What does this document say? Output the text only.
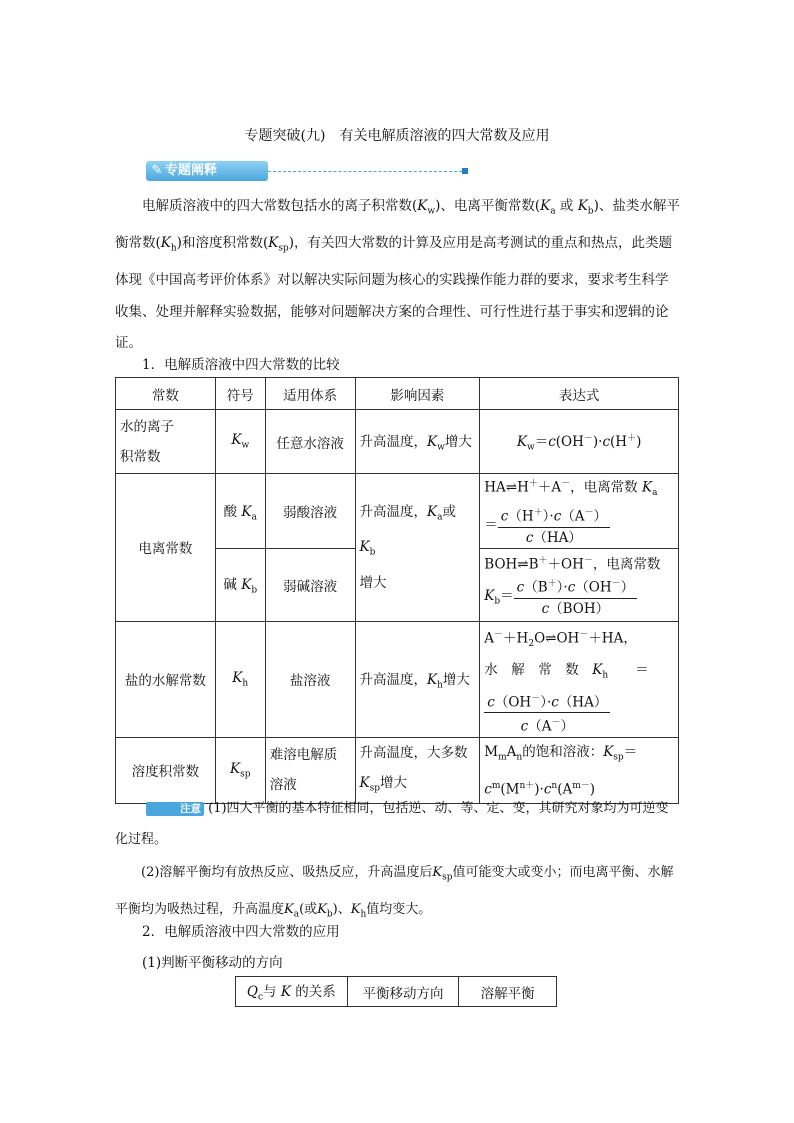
专题突破(九)　有关电解质溶液的四大常数及应用
✎ 专题阐释
电解质溶液中的四大常数包括水的离子积常数$(K_w)$、电离平衡常数($K_a$ 或 $K_b$)、盐类水解平衡常数$(K_h)$和溶度积常数$(K_{sp})$，有关四大常数的计算及应用是高考测试的重点和热点，此类题体现《中国高考评价体系》对以解决实际问题为核心的实践操作能力群的要求，要求考生科学收集、处理并解释实验数据，能够对问题解决方案的合理性、可行性进行基于事实和逻辑的论证。
1．电解质溶液中四大常数的比较
常数	符号	适用体系	影响因素	表达式
水的离子
积常数	$K_w$	任意水溶液	升高温度，$K_w$增大	$K_w=c(OH^-)\cdot c(H^+)$
电离常数	酸 $K_a$	弱酸溶液	升高温度，$K_a$或 $K_b$
增大	HA⇌H＋＋A－，电离常数 $K_a$
＝ $\frac{c(H^+)\cdot c(A^-)}{c(HA)}$

	碱 $K_b$	弱碱溶液		BOH⇌B＋＋OH－，电离常数
$K_b= \frac{c(B^+)\cdot c(OH^-)}{\text{c（BOH）}}$

盐的水解常数	$K_h$	盐溶液	升高温度，$K_h$增大	$A^-+H_2O\rightleftharpoons OH^-+HA$，
水　解　常　数　$K_h$　　＝

$\frac{c(OH^-)\cdot c(HA)}{c(A^-)}$

溶度积常数	$K_{sp}$	难溶电解质溶液	升高温度，大多数
$K_{sp}$增大	$M_mA_n$的饱和溶液：$K_{sp}=c^m(M^{n+})\cdot c^n(A^{m-})$
注意 (1)四大平衡的基本特征相同，包括逆、动、等、定、变，其研究对象均为可逆变化过程。
(2)溶解平衡均有放热反应、吸热反应，升高温度后$K_{sp}$值可能变大或变小；而电离平衡、水解平衡均为吸热过程，升高温度$K_a$(或$K_b$)、$K_h$值均变大。
2．电解质溶液中四大常数的应用
(1)判断平衡移动的方向
$Q_c$与 K 的关系	平衡移动方向	溶解平衡
